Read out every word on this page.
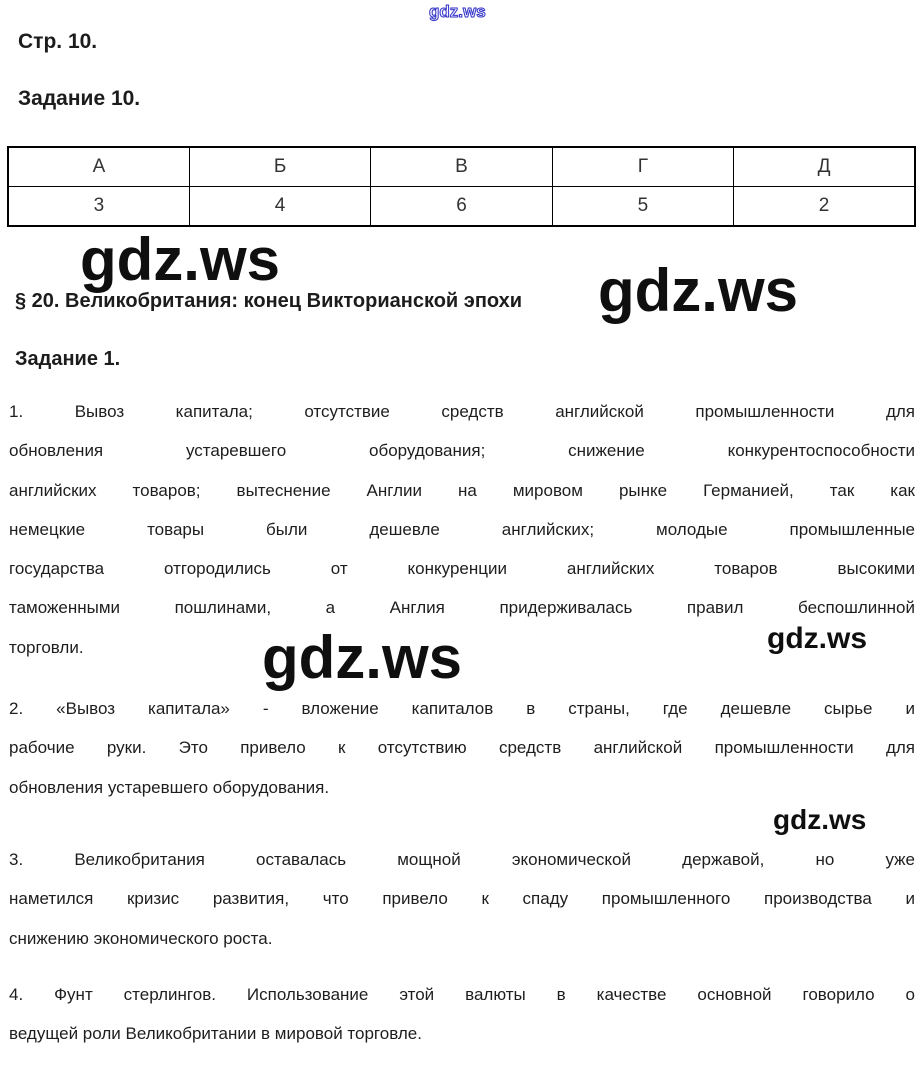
gdz.ws
Стр. 10.
Задание 10.
А	Б	В	Г	Д
3	4	6	5	2
gdz.ws
§ 20. Великобритания: конец Викторианской эпохи gdz.ws
Задание 1.
1. Вывоз капитала; отсутствие средств английской промышленности для
обновления устаревшего оборудования; снижение конкурентоспособности
английских товаров; вытеснение Англии на мировом рынке Германией, так как
немецкие товары были дешевле английских; молодые промышленные
государства отгородились от конкуренции английских товаров высокими
таможенными пошлинами, а Англия придерживалась правил беспошлинной
торговли.	gdz.ws	gdz.ws
2. «Вывоз капитала» - вложение капиталов в страны, где дешевле сырье и
рабочие руки. Это привело к отсутствию средств английской промышленности для
обновления устаревшего оборудования.
gdz.ws
3. Великобритания оставалась мощной экономической державой, но уже
наметился кризис развития, что привело к спаду промышленного производства и
снижению экономического роста.
4. Фунт стерлингов. Использование этой валюты в качестве основной говорило о
ведущей роли Великобритании в мировой торговле.
